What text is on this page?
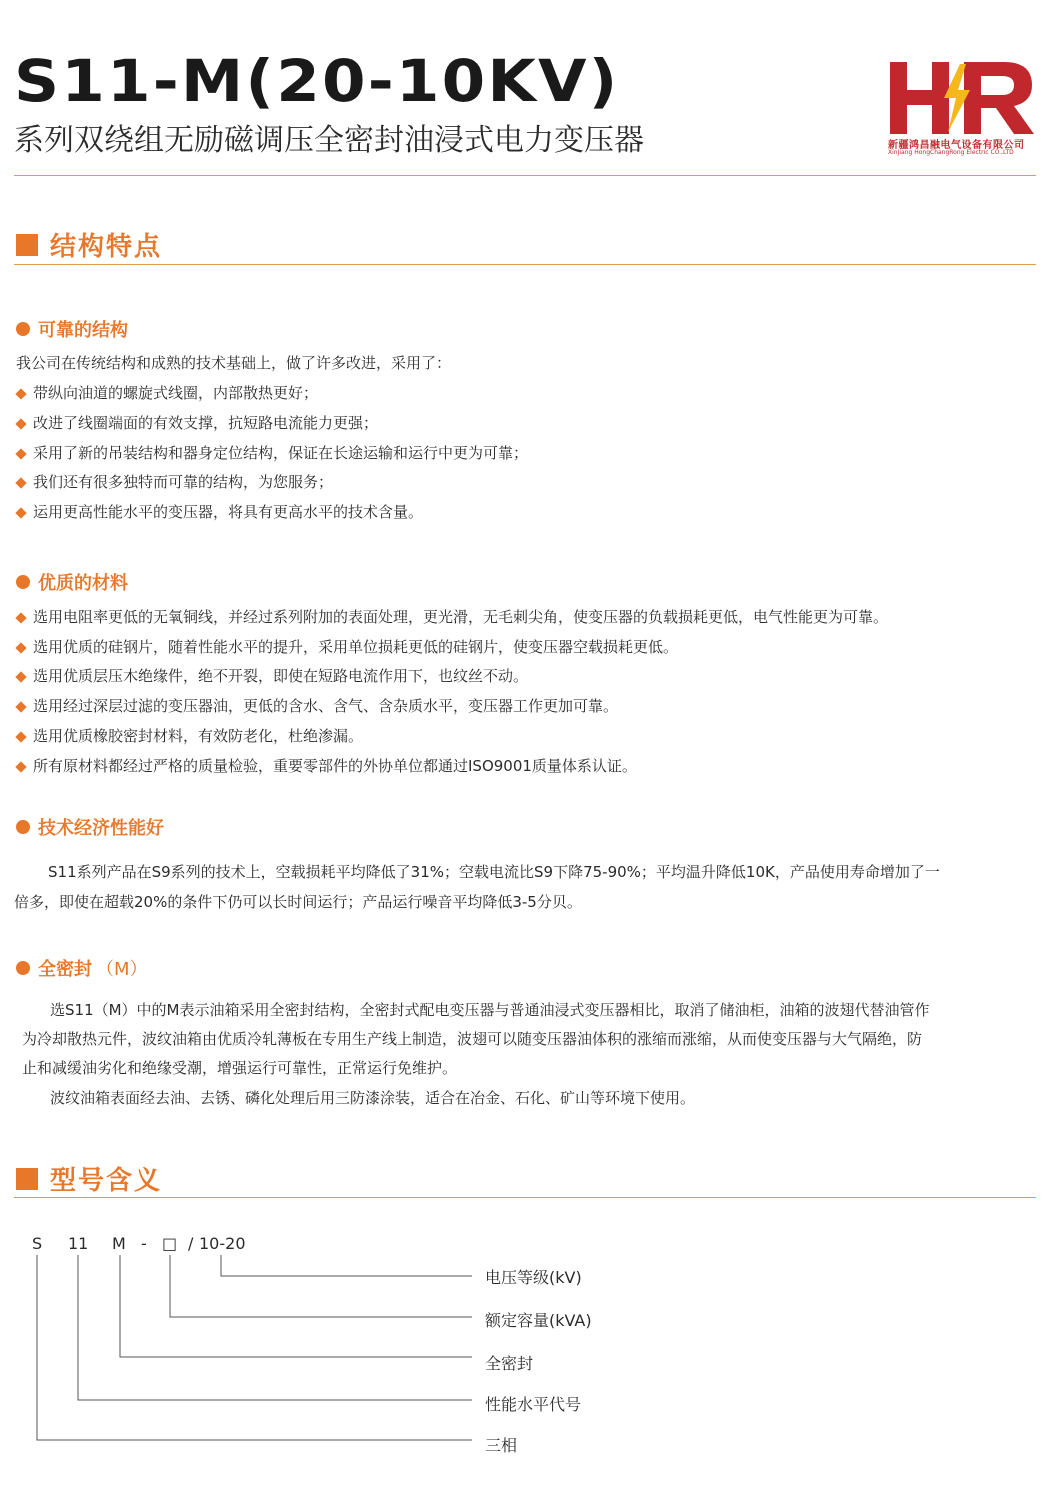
S11-M(20-10KV)
系列双绕组无励磁调压全密封油浸式电力变压器	新疆鸿昌融电气设备有限公司
XinJiang HongChangRong Electric CO.,LTD
结构特点
可靠的结构
我公司在传统结构和成熟的技术基础上，做了许多改进，采用了：
带纵向油道的螺旋式线圈，内部散热更好；
改进了线圈端面的有效支撑，抗短路电流能力更强；
采用了新的吊装结构和器身定位结构，保证在长途运输和运行中更为可靠；
我们还有很多独特而可靠的结构，为您服务；
运用更高性能水平的变压器，将具有更高水平的技术含量。
优质的材料
选用电阻率更低的无氧铜线，并经过系列附加的表面处理，更光滑，无毛刺尖角，使变压器的负载损耗更低，电气性能更为可靠。
选用优质的硅钢片，随着性能水平的提升，采用单位损耗更低的硅钢片，使变压器空载损耗更低。
选用优质层压木绝缘件，绝不开裂，即使在短路电流作用下，也纹丝不动。
选用经过深层过滤的变压器油，更低的含水、含气、含杂质水平，变压器工作更加可靠。
选用优质橡胶密封材料，有效防老化，杜绝渗漏。
所有原材料都经过严格的质量检验，重要零部件的外协单位都通过ISO9001质量体系认证。
技术经济性能好
S11系列产品在S9系列的技术上，空载损耗平均降低了31%；空载电流比S9下降75-90%；平均温升降低10K，产品使用寿命增加了一
倍多，即使在超载20%的条件下仍可以长时间运行；产品运行噪音平均降低3-5分贝。
全密封 （M）
选S11（M）中的M表示油箱采用全密封结构，全密封式配电变压器与普通油浸式变压器相比，取消了储油柜，油箱的波翅代替油管作
为冷却散热元件，波纹油箱由优质冷轧薄板在专用生产线上制造，波翅可以随变压器油体积的涨缩而涨缩，从而使变压器与大气隔绝，防
止和减缓油劣化和绝缘受潮，增强运行可靠性，正常运行免维护。
波纹油箱表面经去油、去锈、磷化处理后用三防漆涂装，适合在冶金、石化、矿山等环境下使用。
型号含义
S 11 M - □ / 10-20
电压等级(kV)
额定容量(kVA)
全密封
性能水平代号
三相
